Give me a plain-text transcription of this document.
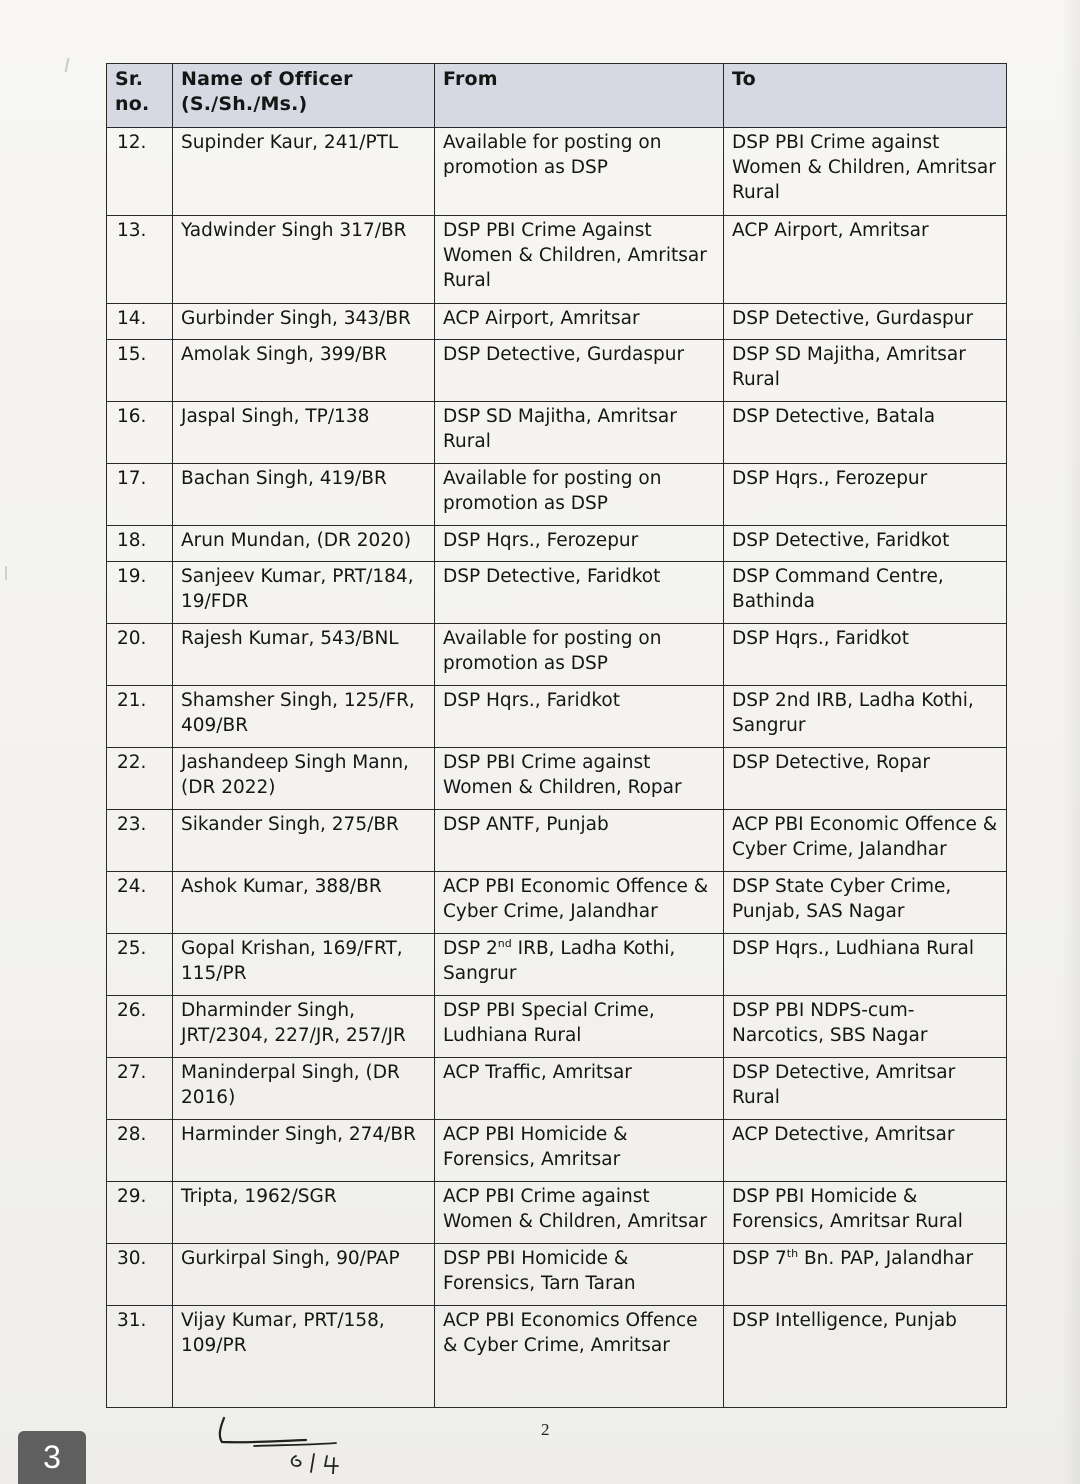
Sr. no.	Name of Officer (S./Sh./Ms.)	From	To
12.	Supinder Kaur, 241/PTL	Available for posting on promotion as DSP	DSP PBI Crime against Women & Children, Amritsar Rural
13.	Yadwinder Singh 317/BR	DSP PBI Crime Against Women & Children, Amritsar Rural	ACP Airport, Amritsar
14.	Gurbinder Singh, 343/BR	ACP Airport, Amritsar	DSP Detective, Gurdaspur
15.	Amolak Singh, 399/BR	DSP Detective, Gurdaspur	DSP SD Majitha, Amritsar Rural
16.	Jaspal Singh, TP/138	DSP SD Majitha, Amritsar Rural	DSP Detective, Batala
17.	Bachan Singh, 419/BR	Available for posting on promotion as DSP	DSP Hqrs., Ferozepur
18.	Arun Mundan, (DR 2020)	DSP Hqrs., Ferozepur	DSP Detective, Faridkot
19.	Sanjeev Kumar, PRT/184, 19/FDR	DSP Detective, Faridkot	DSP Command Centre, Bathinda
20.	Rajesh Kumar, 543/BNL	Available for posting on promotion as DSP	DSP Hqrs., Faridkot
21.	Shamsher Singh, 125/FR, 409/BR	DSP Hqrs., Faridkot	DSP 2nd IRB, Ladha Kothi, Sangrur
22.	Jashandeep Singh Mann, (DR 2022)	DSP PBI Crime against Women & Children, Ropar	DSP Detective, Ropar
23.	Sikander Singh, 275/BR	DSP ANTF, Punjab	ACP PBI Economic Offence & Cyber Crime, Jalandhar
24.	Ashok Kumar, 388/BR	ACP PBI Economic Offence & Cyber Crime, Jalandhar	DSP State Cyber Crime, Punjab, SAS Nagar
25.	Gopal Krishan, 169/FRT, 115/PR	DSP 2nd IRB, Ladha Kothi, Sangrur	DSP Hqrs., Ludhiana Rural
26.	Dharminder Singh, JRT/2304, 227/JR, 257/JR	DSP PBI Special Crime, Ludhiana Rural	DSP PBI NDPS-cum-Narcotics, SBS Nagar
27.	Maninderpal Singh, (DR 2016)	ACP Traffic, Amritsar	DSP Detective, Amritsar Rural
28.	Harminder Singh, 274/BR	ACP PBI Homicide & Forensics, Amritsar	ACP Detective, Amritsar
29.	Tripta, 1962/SGR	ACP PBI Crime against Women & Children, Amritsar	DSP PBI Homicide & Forensics, Amritsar Rural
30.	Gurkirpal Singh, 90/PAP	DSP PBI Homicide & Forensics, Tarn Taran	DSP 7th Bn. PAP, Jalandhar
31.	Vijay Kumar, PRT/158, 109/PR	ACP PBI Economics Offence & Cyber Crime, Amritsar	DSP Intelligence, Punjab
2
3
